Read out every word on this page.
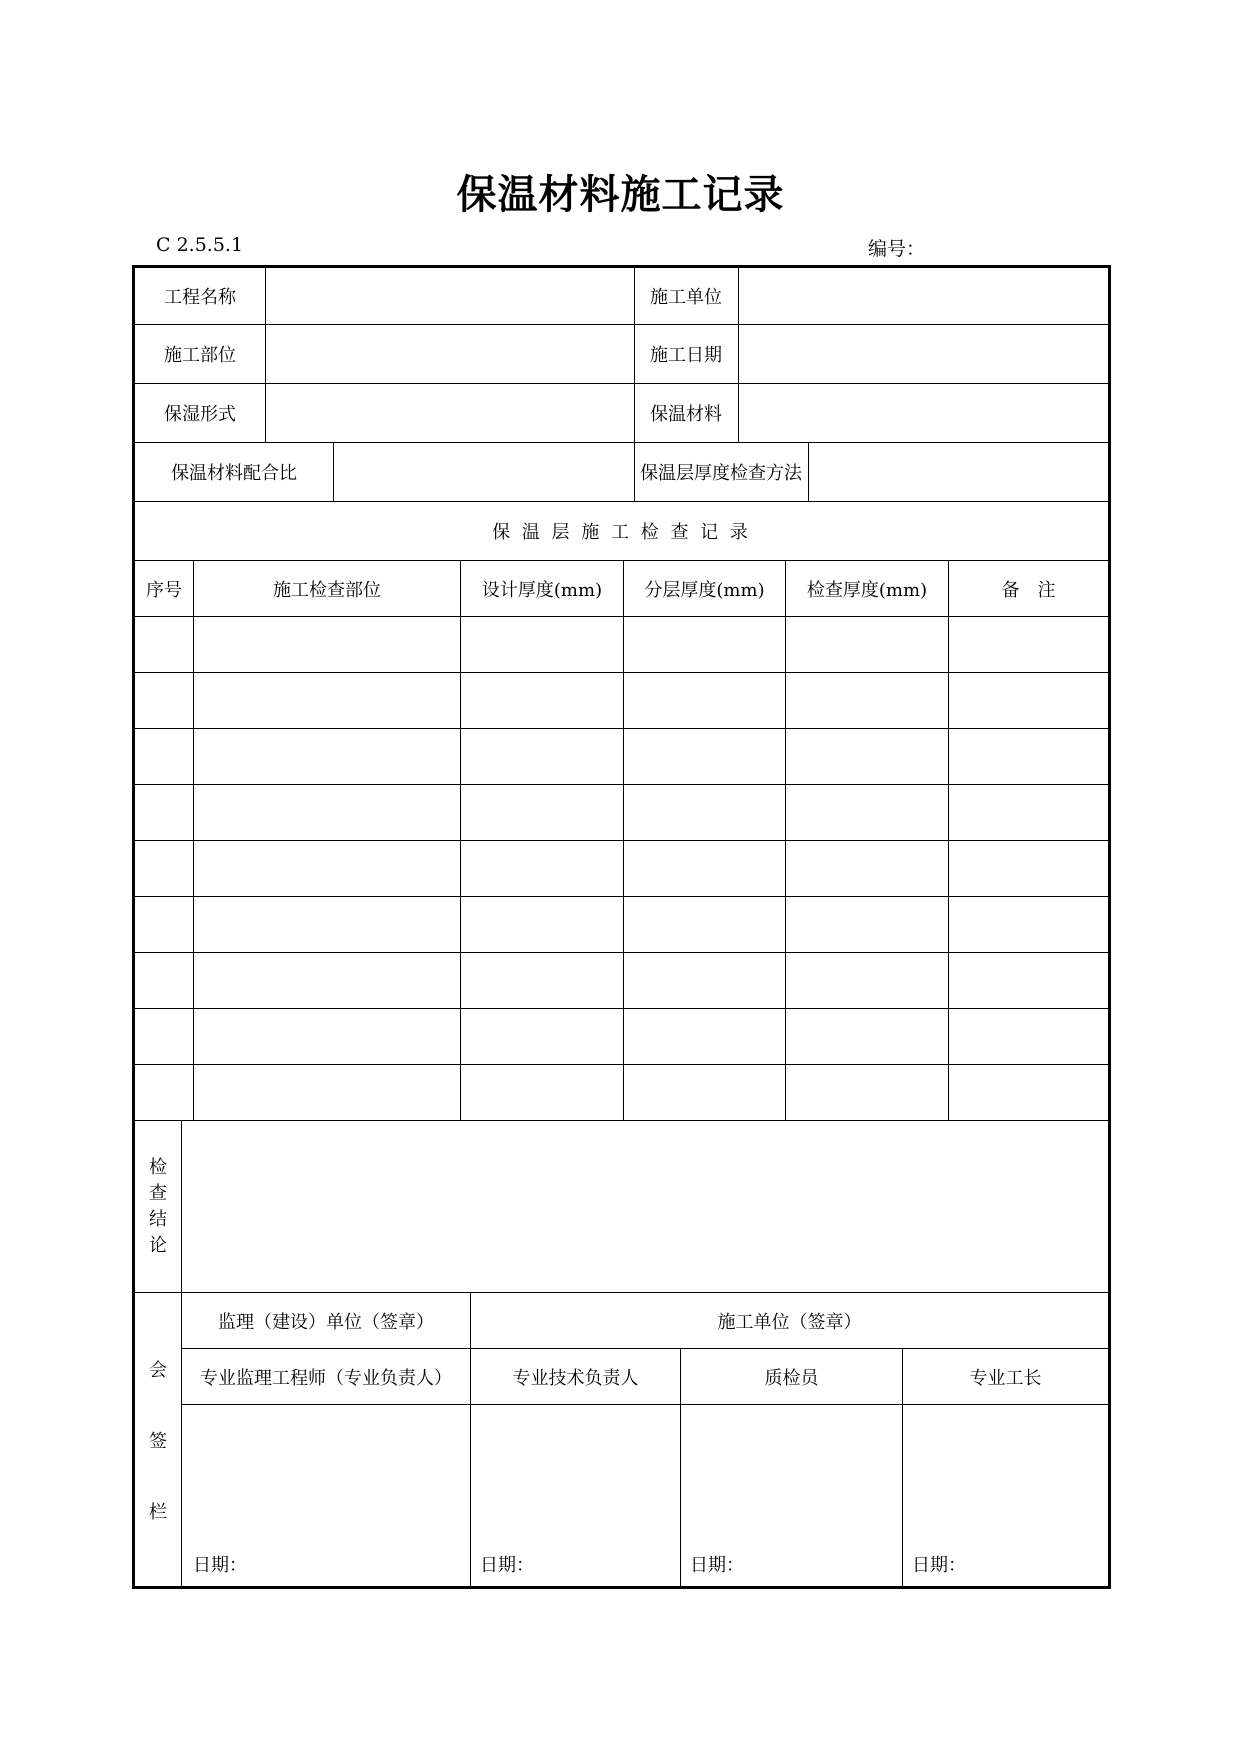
保温材料施工记录
C 2.5.5.1	编号：
工程名称	施工单位
施工部位	施工日期
保湿形式	保温材料
保温材料配合比	保温层厚度检查方法
保 温 层 施 工 检 查 记 录
序号	施工检查部位	设计厚度(mm)	分层厚度(mm)	检查厚度(mm)	备　注
检
查
结
论
会
签
栏
监理（建设）单位（签章）	施工单位（签章）
专业监理工程师（专业负责人）	专业技术负责人	质检员	专业工长
日期：	日期：	日期：	日期：
